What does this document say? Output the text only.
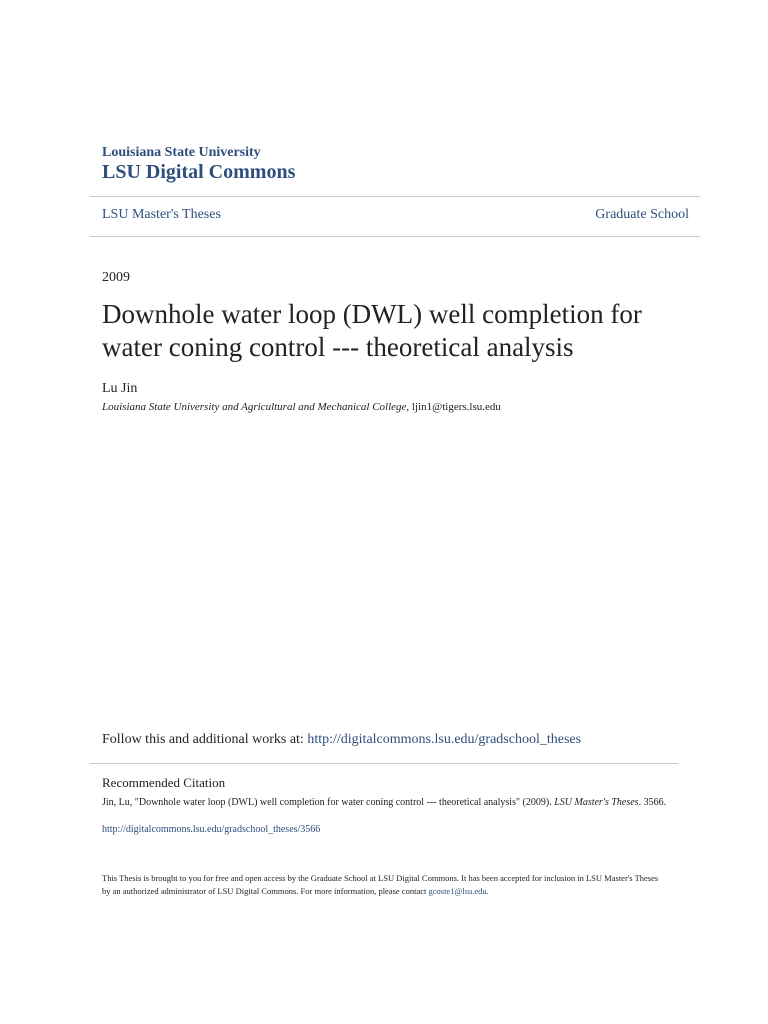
Louisiana State University
LSU Digital Commons
LSU Master's Theses	Graduate School
2009
Downhole water loop (DWL) well completion for water coning control --- theoretical analysis
Lu Jin
Louisiana State University and Agricultural and Mechanical College, ljin1@tigers.lsu.edu
Follow this and additional works at: http://digitalcommons.lsu.edu/gradschool_theses
Recommended Citation
Jin, Lu, "Downhole water loop (DWL) well completion for water coning control --- theoretical analysis" (2009). LSU Master's Theses. 3566.
http://digitalcommons.lsu.edu/gradschool_theses/3566
This Thesis is brought to you for free and open access by the Graduate School at LSU Digital Commons. It has been accepted for inclusion in LSU Master's Theses by an authorized administrator of LSU Digital Commons. For more information, please contact gcoste1@lsu.edu.
